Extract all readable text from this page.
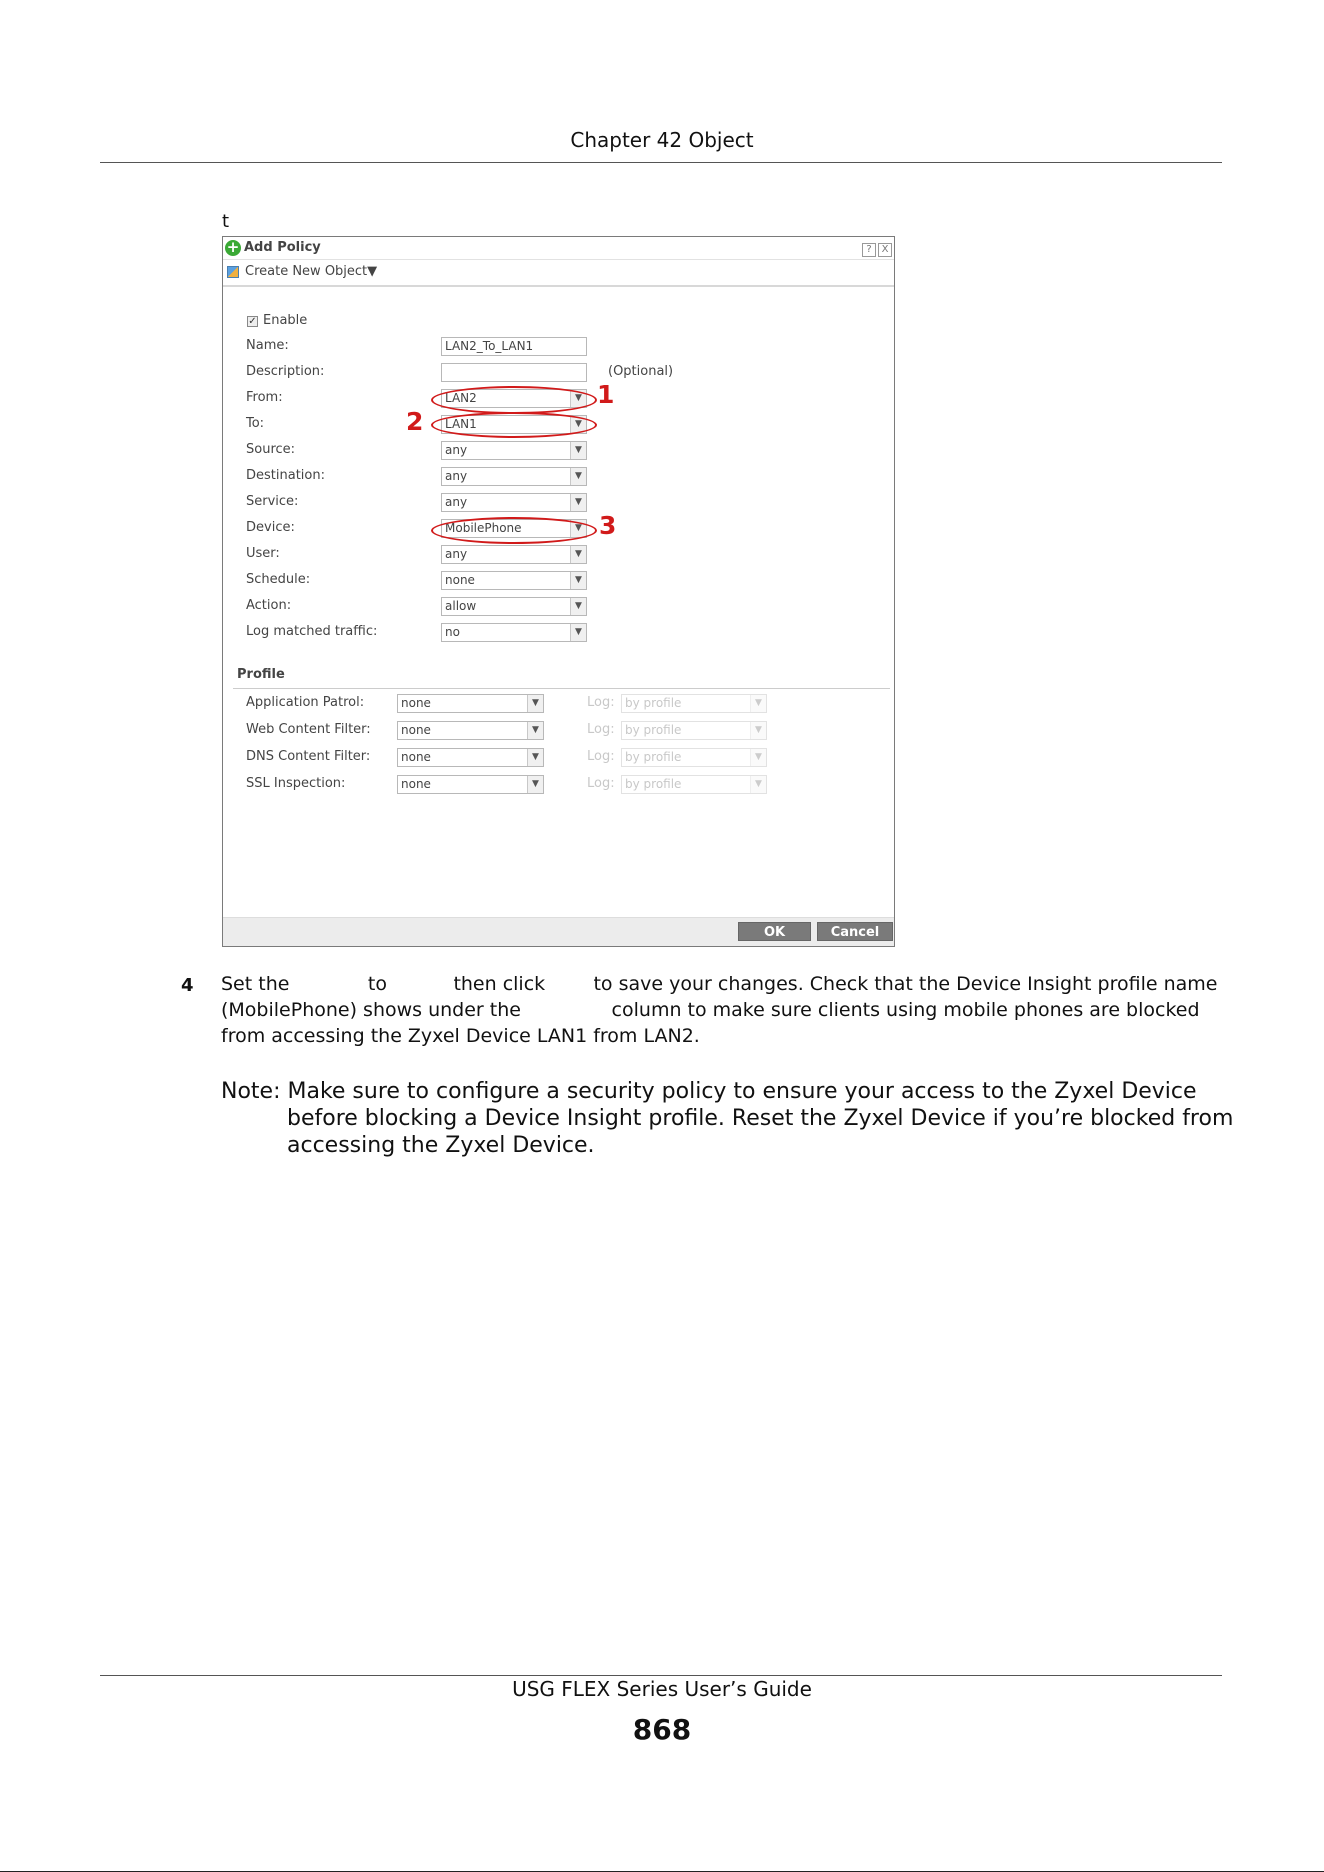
Chapter 42 Object
t
+ Add Policy	? X
Create New Object▼
✓ Enable
Name:	LAN2_To_LAN1
Description:	(Optional)
From:	LAN2	▼
To:	LAN1	▼
Source:	any	▼
Destination:	any	▼
Service:	any	▼
Device:	MobilePhone	▼
User:	any	▼
Schedule:	none	▼
Action:	allow	▼
Log matched traffic:	no	▼
Profile
Application Patrol:	none	▼	Log: by profile	▼
Web Content Filter:	none	▼	Log: by profile	▼
DNS Content Filter:	none	▼	Log: by profile	▼
SSL Inspection:	none	▼	Log: by profile	▼
OK	Cancel
1
2
3
4 Set the             to           then click        to save your changes. Check that the Device Insight profile name
(MobilePhone) shows under the               column to make sure clients using mobile phones are blocked
from accessing the Zyxel Device LAN1 from LAN2.
Note: Make sure to configure a security policy to ensure your access to the Zyxel Device
before blocking a Device Insight profile. Reset the Zyxel Device if you’re blocked from
accessing the Zyxel Device.
USG FLEX Series User’s Guide
868
